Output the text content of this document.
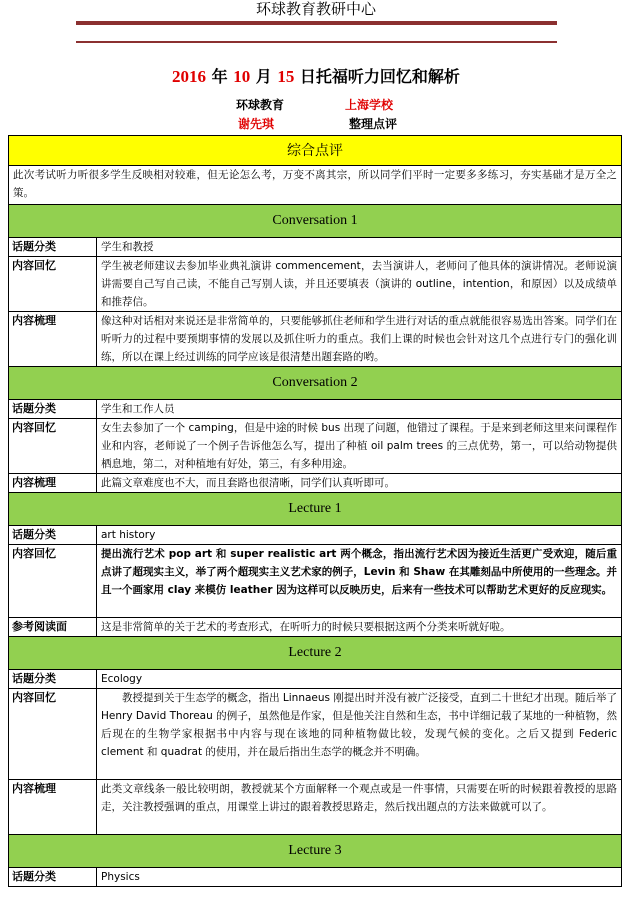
环球教育教研中心
2016 年 10 月 15 日托福听力回忆和解析
环球教育	上海学校
谢先琪	整理点评
综合点评	
此次考试听力听很多学生反映相对较难，但无论怎么考，万变不离其宗，所以同学们平时一定要多多练习，夯实基础才是万全之策。	
Conversation 1	
话题分类	学生和教授
内容回忆	学生被老师建议去参加毕业典礼演讲 commencement，去当演讲人，老师问了他具体的演讲情况。老师说演讲需要自己写自己读，不能自己写别人读，并且还要填表（演讲的 outline，intention，和原因）以及成绩单和推荐信。
内容梳理	像这种对话相对来说还是非常简单的，只要能够抓住老师和学生进行对话的重点就能很容易选出答案。同学们在听听力的过程中要预期事情的发展以及抓住听力的重点。我们上课的时候也会针对这几个点进行专门的强化训练，所以在课上经过训练的同学应该是很清楚出题套路的哟。
Conversation 2	
话题分类	学生和工作人员
内容回忆	女生去参加了一个 camping，但是中途的时候 bus 出现了问题，他错过了课程。于是来到老师这里来问课程作业和内容，老师说了一个例子告诉他怎么写，提出了种植 oil palm trees 的三点优势，第一，可以给动物提供栖息地，第二，对种植地有好处，第三，有多种用途。
内容梳理	此篇文章难度也不大，而且套路也很清晰，同学们认真听即可。
Lecture 1	
话题分类	art history
内容回忆	提出流行艺术 pop art 和 super realistic art 两个概念，指出流行艺术因为接近生活更广受欢迎，随后重点讲了超现实主义，举了两个超现实主义艺术家的例子，Levin 和 Shaw 在其雕刻品中所使用的一些理念。并且一个画家用 clay 来模仿 leather 因为这样可以反映历史，后来有一些技术可以帮助艺术更好的反应现实。
参考阅读面	这是非常简单的关于艺术的考查形式，在听听力的时候只要根据这两个分类来听就好啦。
Lecture 2	
话题分类	Ecology
内容回忆	教授提到关于生态学的概念，指出 Linnaeus 刚提出时并没有被广泛接受，直到二十世纪才出现。随后举了 Henry David Thoreau 的例子，虽然他是作家，但是他关注自然和生态，书中详细记载了某地的一种植物，然后现在的生物学家根据书中内容与现在该地的同种植物做比较，发现气候的变化。之后又提到 Federic clement 和 quadrat 的使用，并在最后指出生态学的概念并不明确。

内容梳理	此类文章线条一般比较明朗，教授就某个方面解释一个观点或是一件事情，只需要在听的时候跟着教授的思路走，关注教授强调的重点，用课堂上讲过的跟着教授思路走，然后找出题点的方法来做就可以了。
Lecture 3	
话题分类	Physics
